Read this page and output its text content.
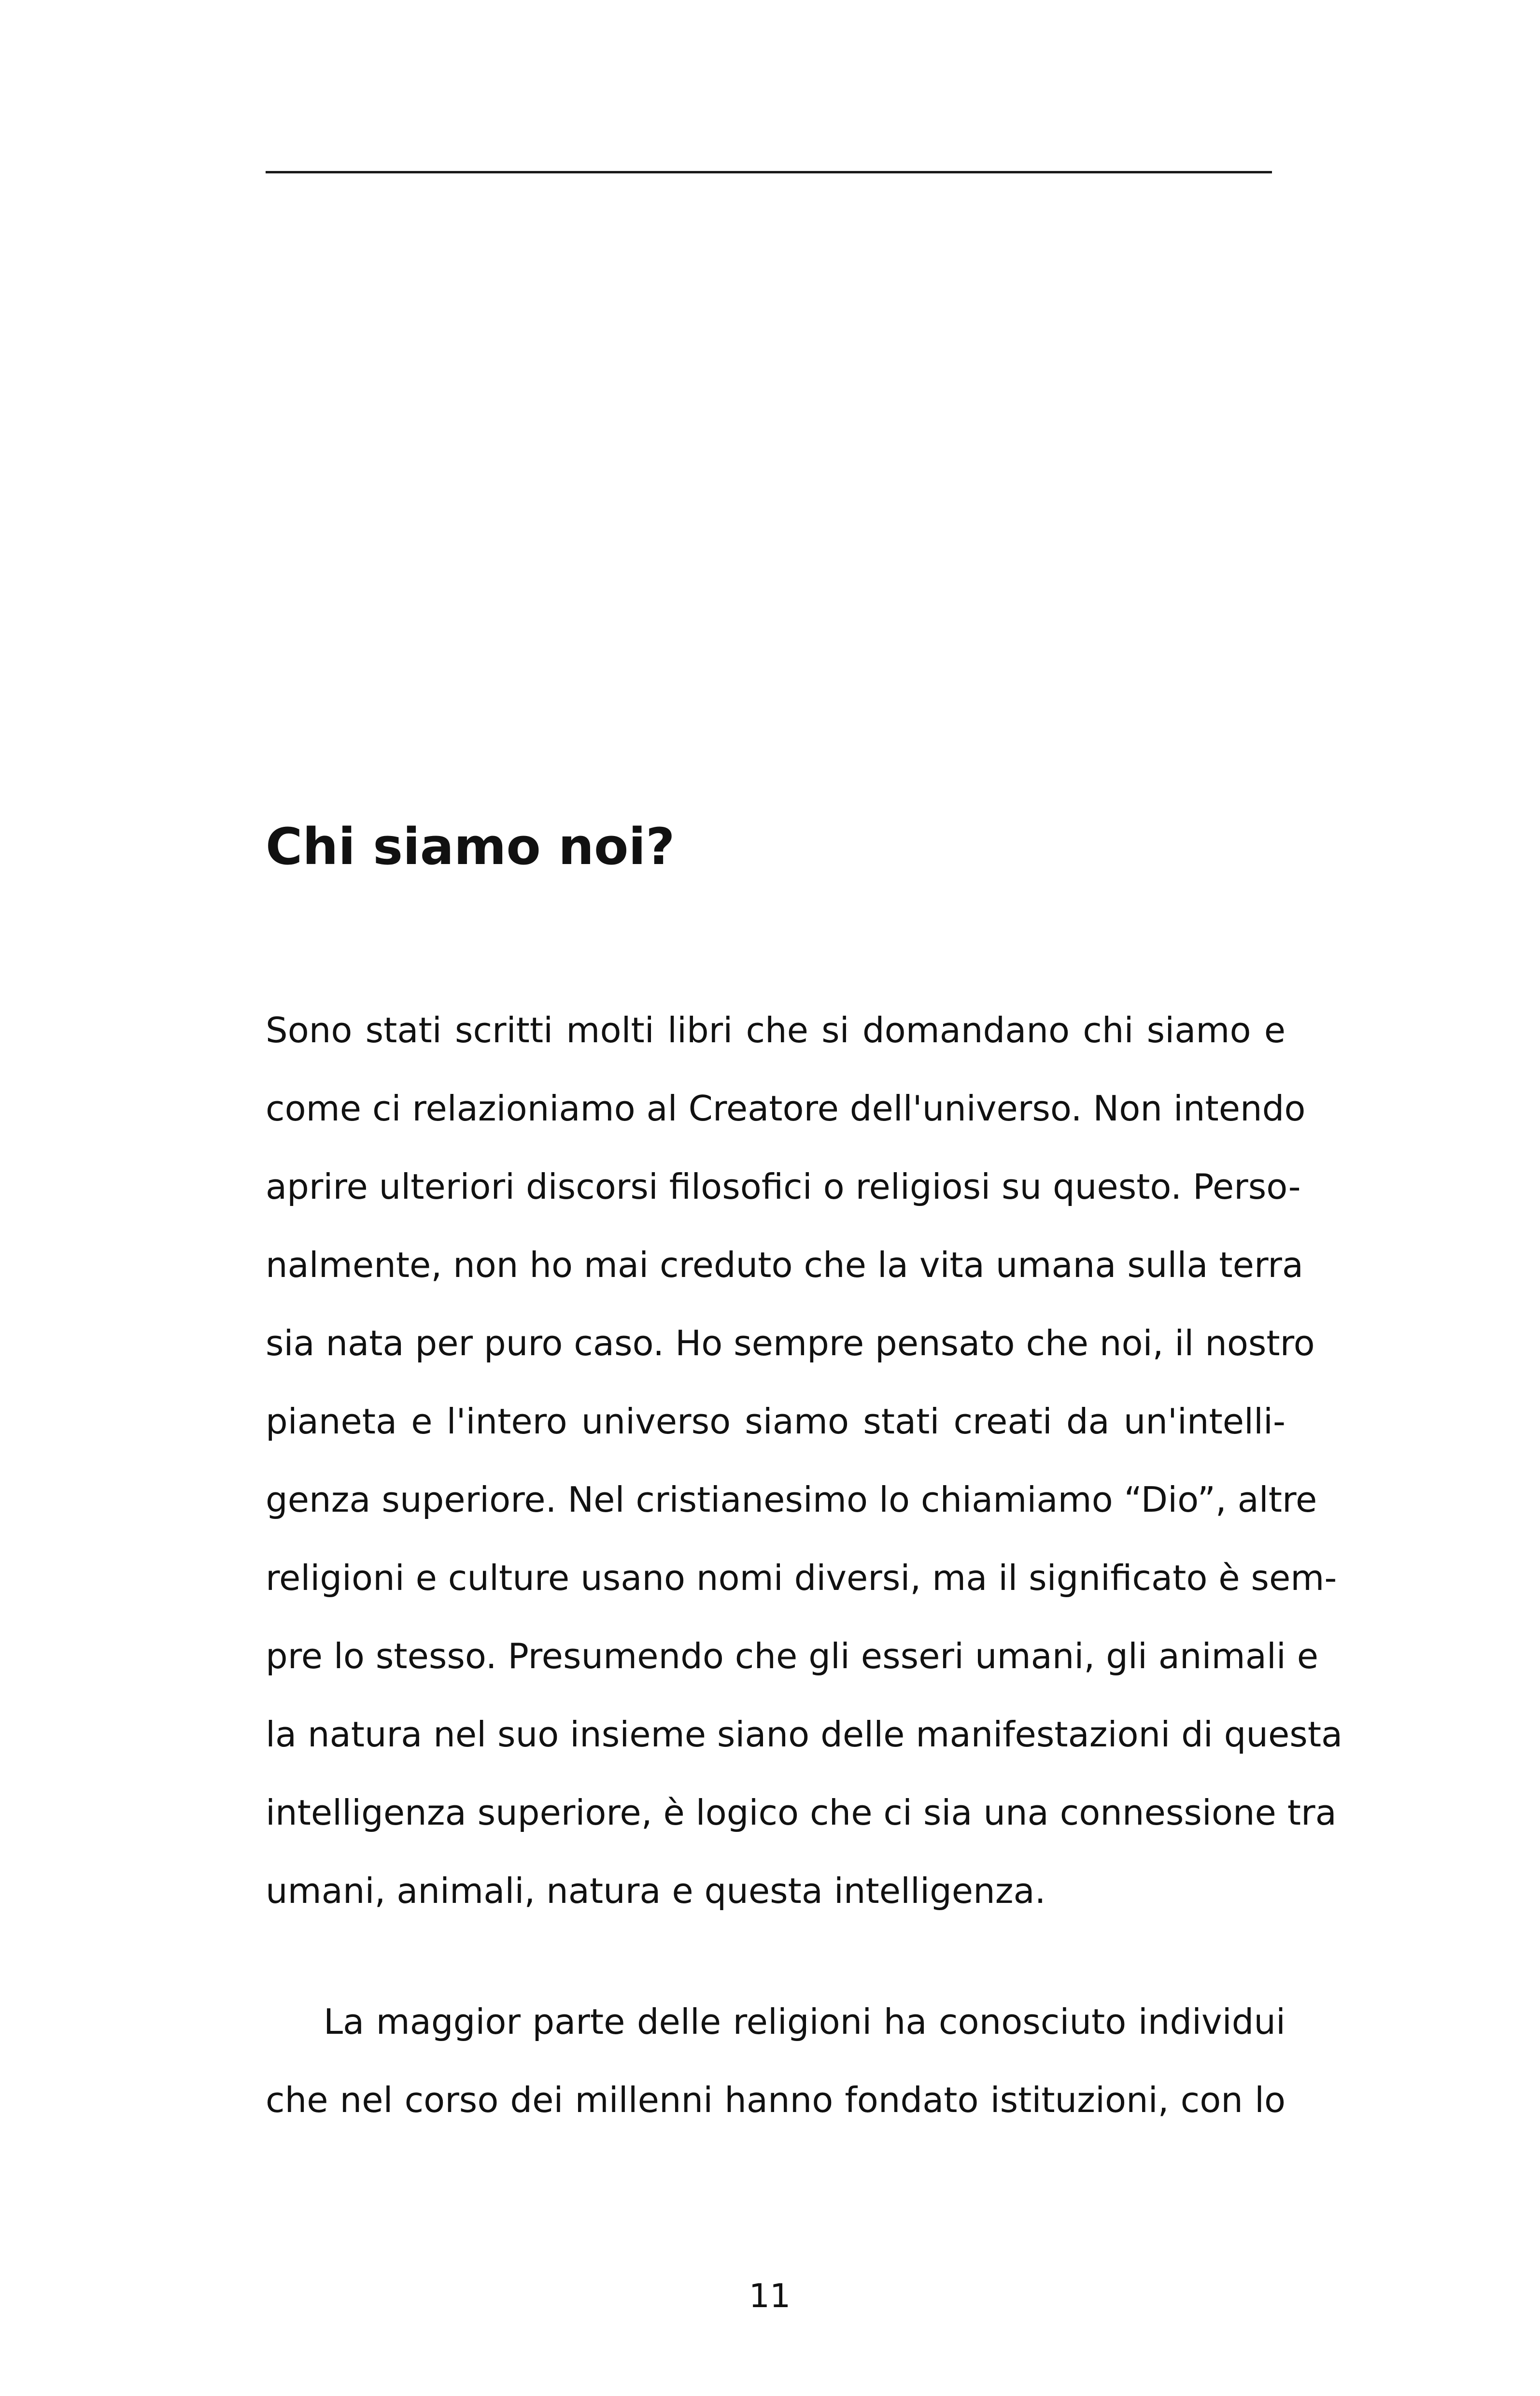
Chi siamo noi?
Sono stati scritti molti libri che si domandano chi siamo e
come ci relazioniamo al Creatore dell'universo. Non intendo
aprire ulteriori discorsi filosofici o religiosi su questo. Perso-
nalmente, non ho mai creduto che la vita umana sulla terra
sia nata per puro caso. Ho sempre pensato che noi, il nostro
pianeta e l'intero universo siamo stati creati da un'intelli-
genza superiore. Nel cristianesimo lo chiamiamo “Dio”, altre
religioni e culture usano nomi diversi, ma il significato è sem-
pre lo stesso. Presumendo che gli esseri umani, gli animali e
la natura nel suo insieme siano delle manifestazioni di questa
intelligenza superiore, è logico che ci sia una connessione tra
umani, animali, natura e questa intelligenza.
La maggior parte delle religioni ha conosciuto individui
che nel corso dei millenni hanno fondato istituzioni, con lo
11
